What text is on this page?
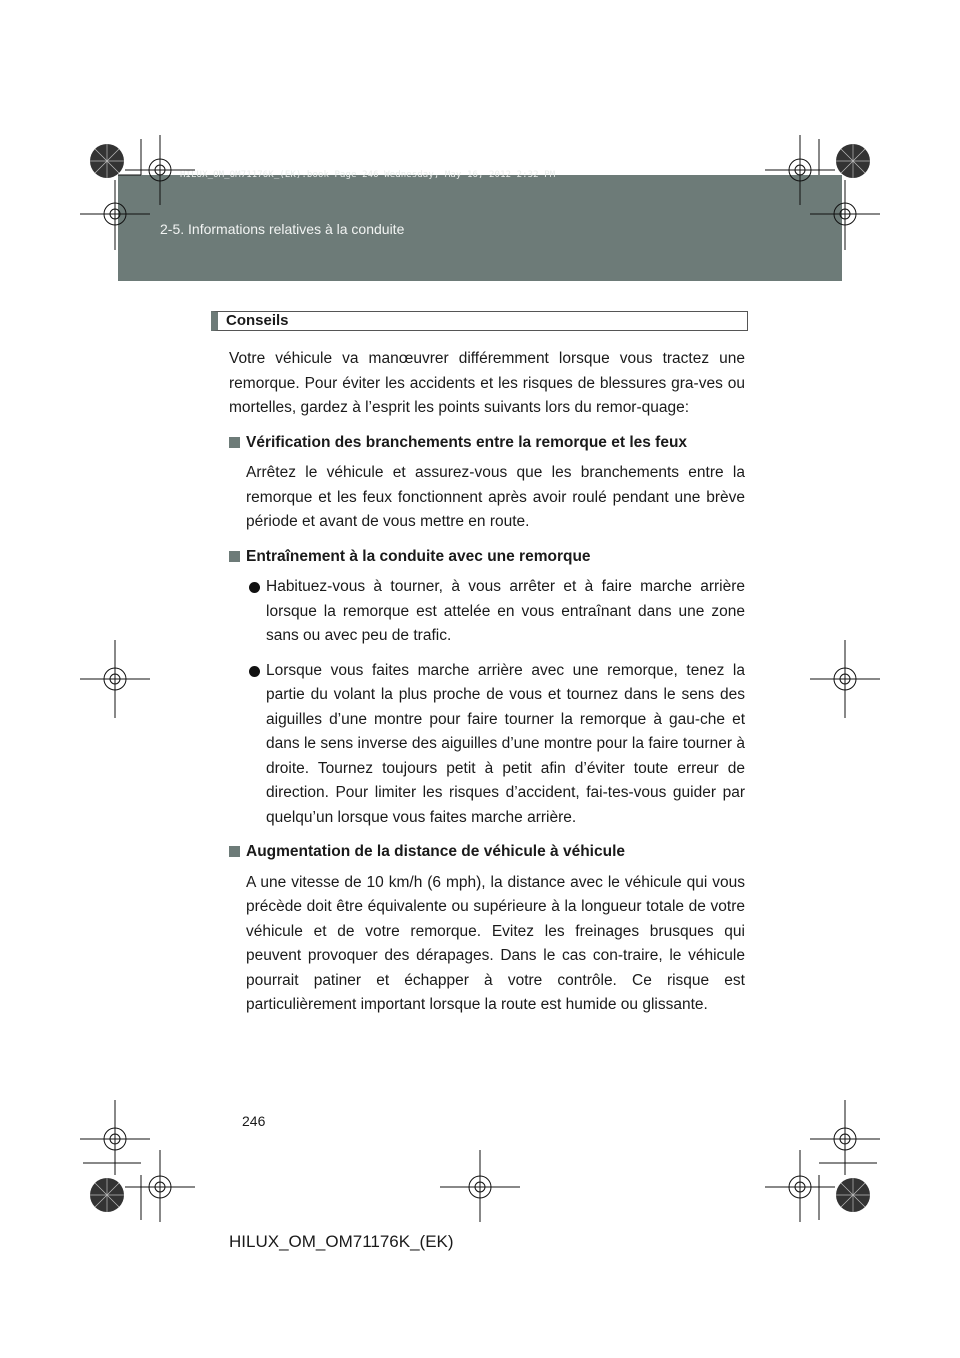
HILUX_OM_OM71176K_(EK).book Page 246 Wednesday, May 16, 2012 2:32 PM
2-5. Informations relatives à la conduite
Conseils

Votre véhicule va manœuvrer différemment lorsque vous tractez une remorque. Pour éviter les accidents et les risques de blessures gra-ves ou mortelles, gardez à l’esprit les points suivants lors du remor-quage:

Vérification des branchements entre la remorque et les feux

Arrêtez le véhicule et assurez-vous que les branchements entre la remorque et les feux fonctionnent après avoir roulé pendant une brève période et avant de vous mettre en route.

Entraînement à la conduite avec une remorque

Habituez-vous à tourner, à vous arrêter et à faire marche arrière lorsque la remorque est attelée en vous entraînant dans une zone sans ou avec peu de trafic.

Lorsque vous faites marche arrière avec une remorque, tenez la partie du volant la plus proche de vous et tournez dans le sens des aiguilles d’une montre pour faire tourner la remorque à gau-che et dans le sens inverse des aiguilles d’une montre pour la faire tourner à droite. Tournez toujours petit à petit afin d’éviter toute erreur de direction. Pour limiter les risques d’accident, fai-tes-vous guider par quelqu’un lorsque vous faites marche arrière.

Augmentation de la distance de véhicule à véhicule

A une vitesse de 10 km/h (6 mph), la distance avec le véhicule qui vous précède doit être équivalente ou supérieure à la longueur totale de votre véhicule et de votre remorque. Evitez les freinages brusques qui peuvent provoquer des dérapages. Dans le cas con-traire, le véhicule pourrait patiner et échapper à votre contrôle. Ce risque est particulièrement important lorsque la route est humide ou glissante.

246
HILUX_OM_OM71176K_(EK)
